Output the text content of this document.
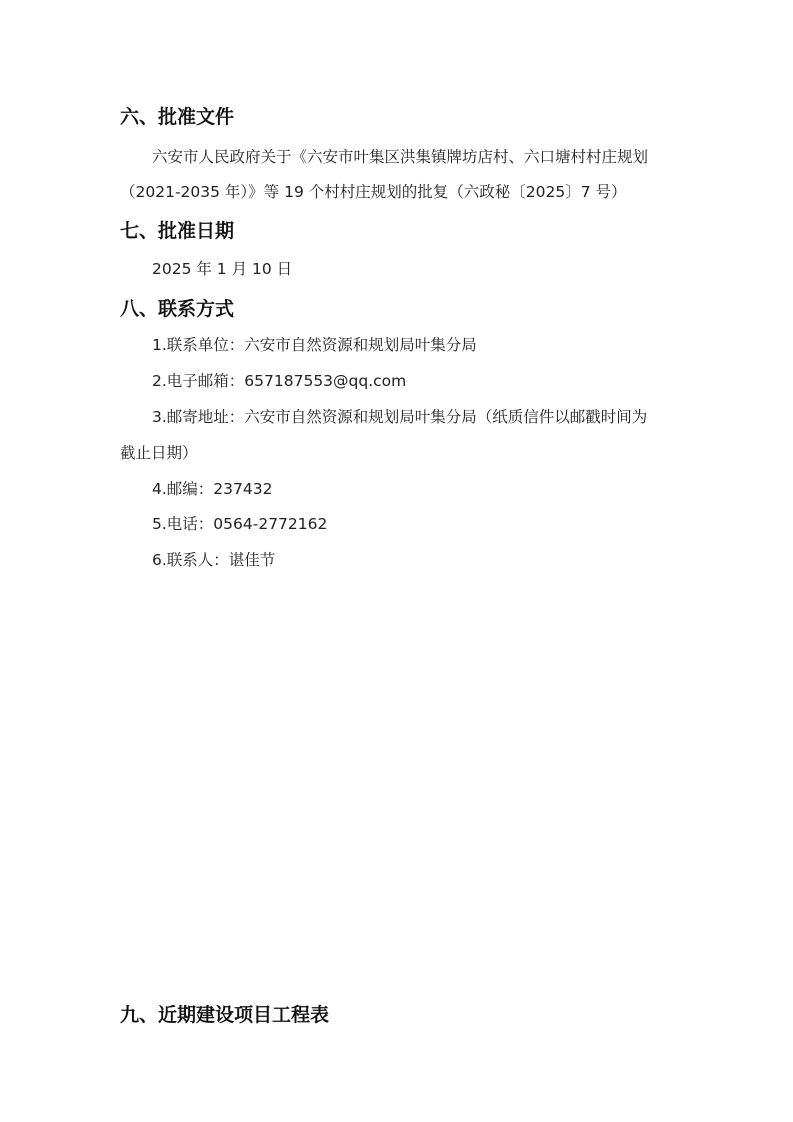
六、批准文件
六安市人民政府关于《六安市叶集区洪集镇牌坊店村、六口塘村村庄规划
（2021-2035 年）》等 19 个村村庄规划的批复（六政秘〔2025〕7 号）
七、批准日期
2025 年 1 月 10 日
八、联系方式
1.联系单位：六安市自然资源和规划局叶集分局
2.电子邮箱：657187553@qq.com
3.邮寄地址：六安市自然资源和规划局叶集分局（纸质信件以邮戳时间为
截止日期）
4.邮编：237432
5.电话：0564-2772162
6.联系人：谌佳节
九、近期建设项目工程表
